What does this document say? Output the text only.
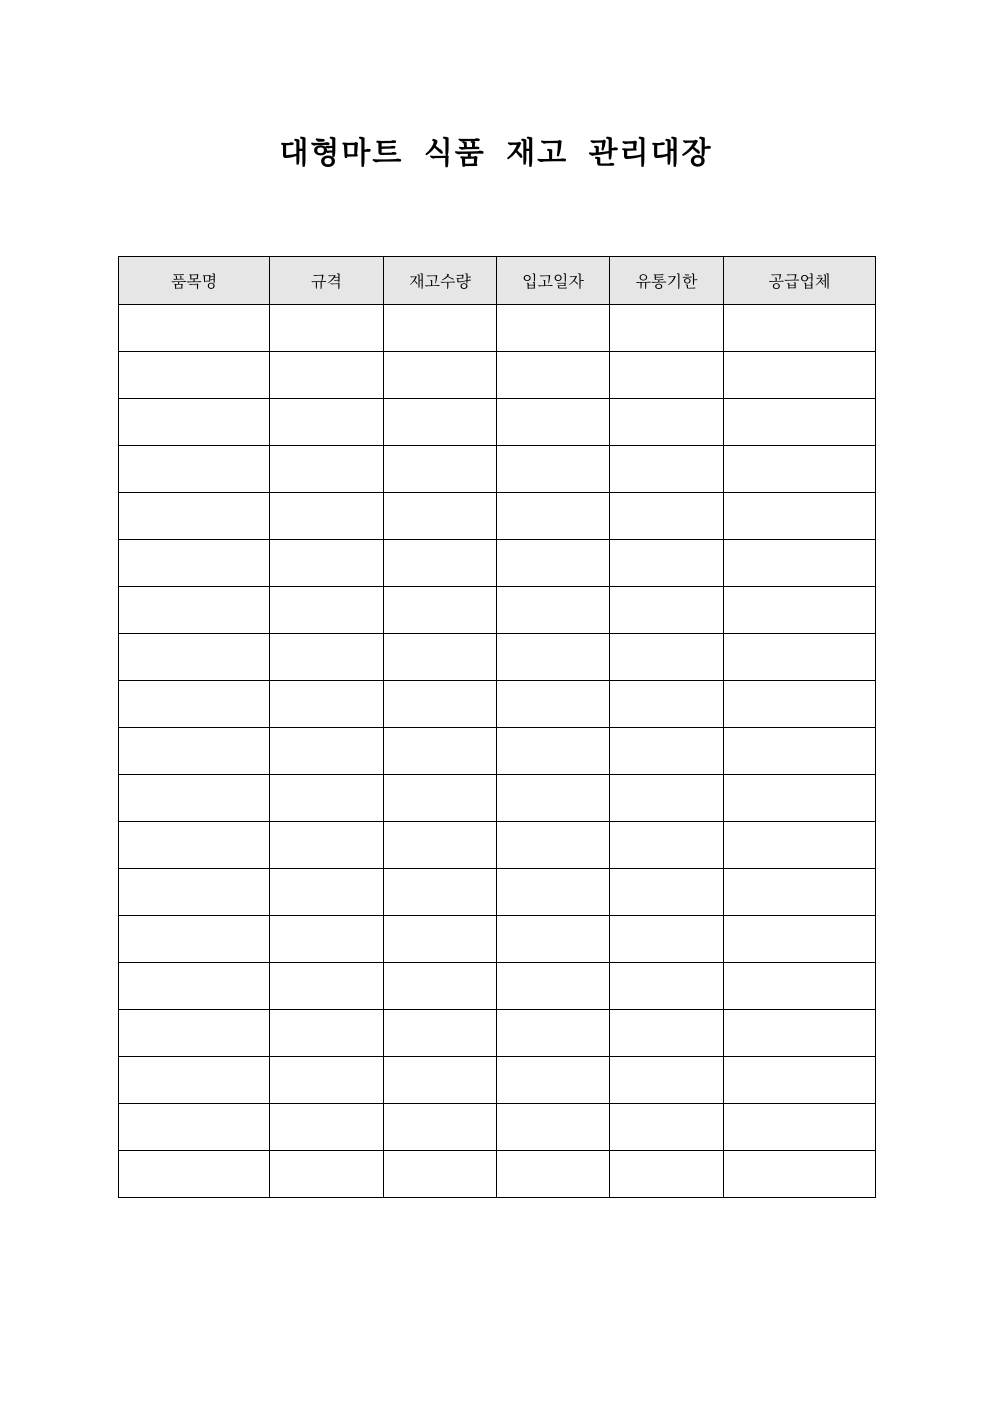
대형마트 식품 재고 관리대장
품목명	규격	재고수량	입고일자	유통기한	공급업체
